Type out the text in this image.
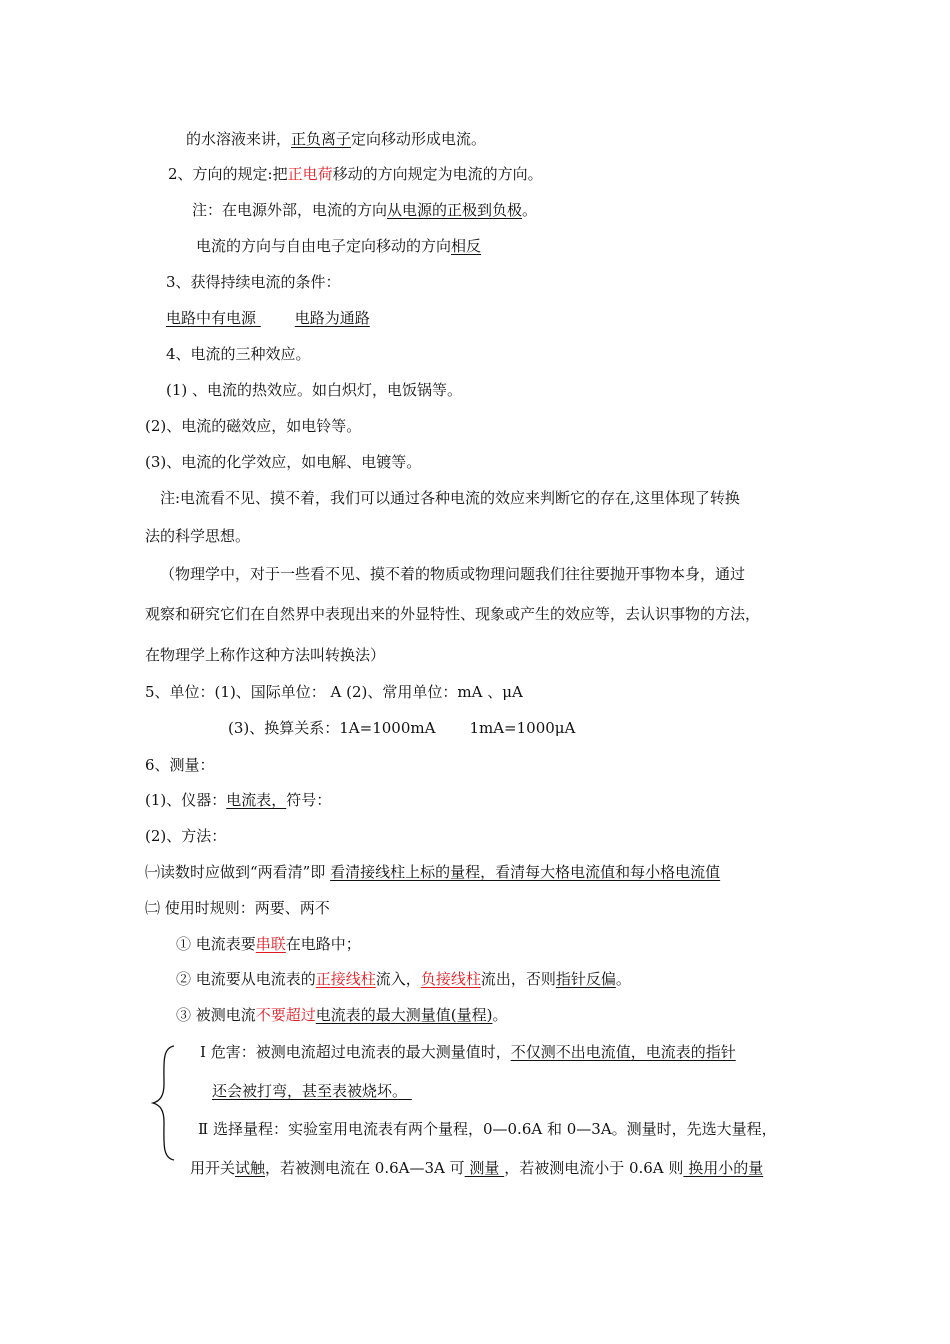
的水溶液来讲，正负离子定向移动形成电流。
2、方向的规定:把正电荷移动的方向规定为电流的方向。
注：在电源外部，电流的方向从电源的正极到负极。
电流的方向与自由电子定向移动的方向相反
3、获得持续电流的条件：
电路中有电源	电路为通路
4、电流的三种效应。
(1) 、电流的热效应。如白炽灯，电饭锅等。
(2)、电流的磁效应，如电铃等。
(3)、电流的化学效应，如电解、电镀等。
注:电流看不见、摸不着，我们可以通过各种电流的效应来判断它的存在,这里体现了转换
法的科学思想。
（物理学中，对于一些看不见、摸不着的物质或物理问题我们往往要抛开事物本身，通过
观察和研究它们在自然界中表现出来的外显特性、现象或产生的效应等，去认识事物的方法，
在物理学上称作这种方法叫转换法）
5、单位：(1)、国际单位： A (2)、常用单位：mA 、μA
(3)、换算关系：1A=1000mA 1mA=1000μA
6、测量：
(1)、仪器：电流表，符号：
(2)、方法：
㈠读数时应做到“两看清”即 看清接线柱上标的量程，看清每大格电流值和每小格电流值
㈡ 使用时规则：两要、两不
① 电流表要串联在电路中；
② 电流要从电流表的正接线柱流入，负接线柱流出，否则指针反偏。
③ 被测电流不要超过电流表的最大测量值(量程)。
Ⅰ 危害：被测电流超过电流表的最大测量值时，不仅测不出电流值，电流表的指针
还会被打弯，甚至表被烧坏。
Ⅱ 选择量程：实验室用电流表有两个量程，0—0.6A 和 0—3A。测量时，先选大量程，
用开关试触，若被测电流在 0.6A—3A 可 测量 ，若被测电流小于 0.6A 则 换用小的量
